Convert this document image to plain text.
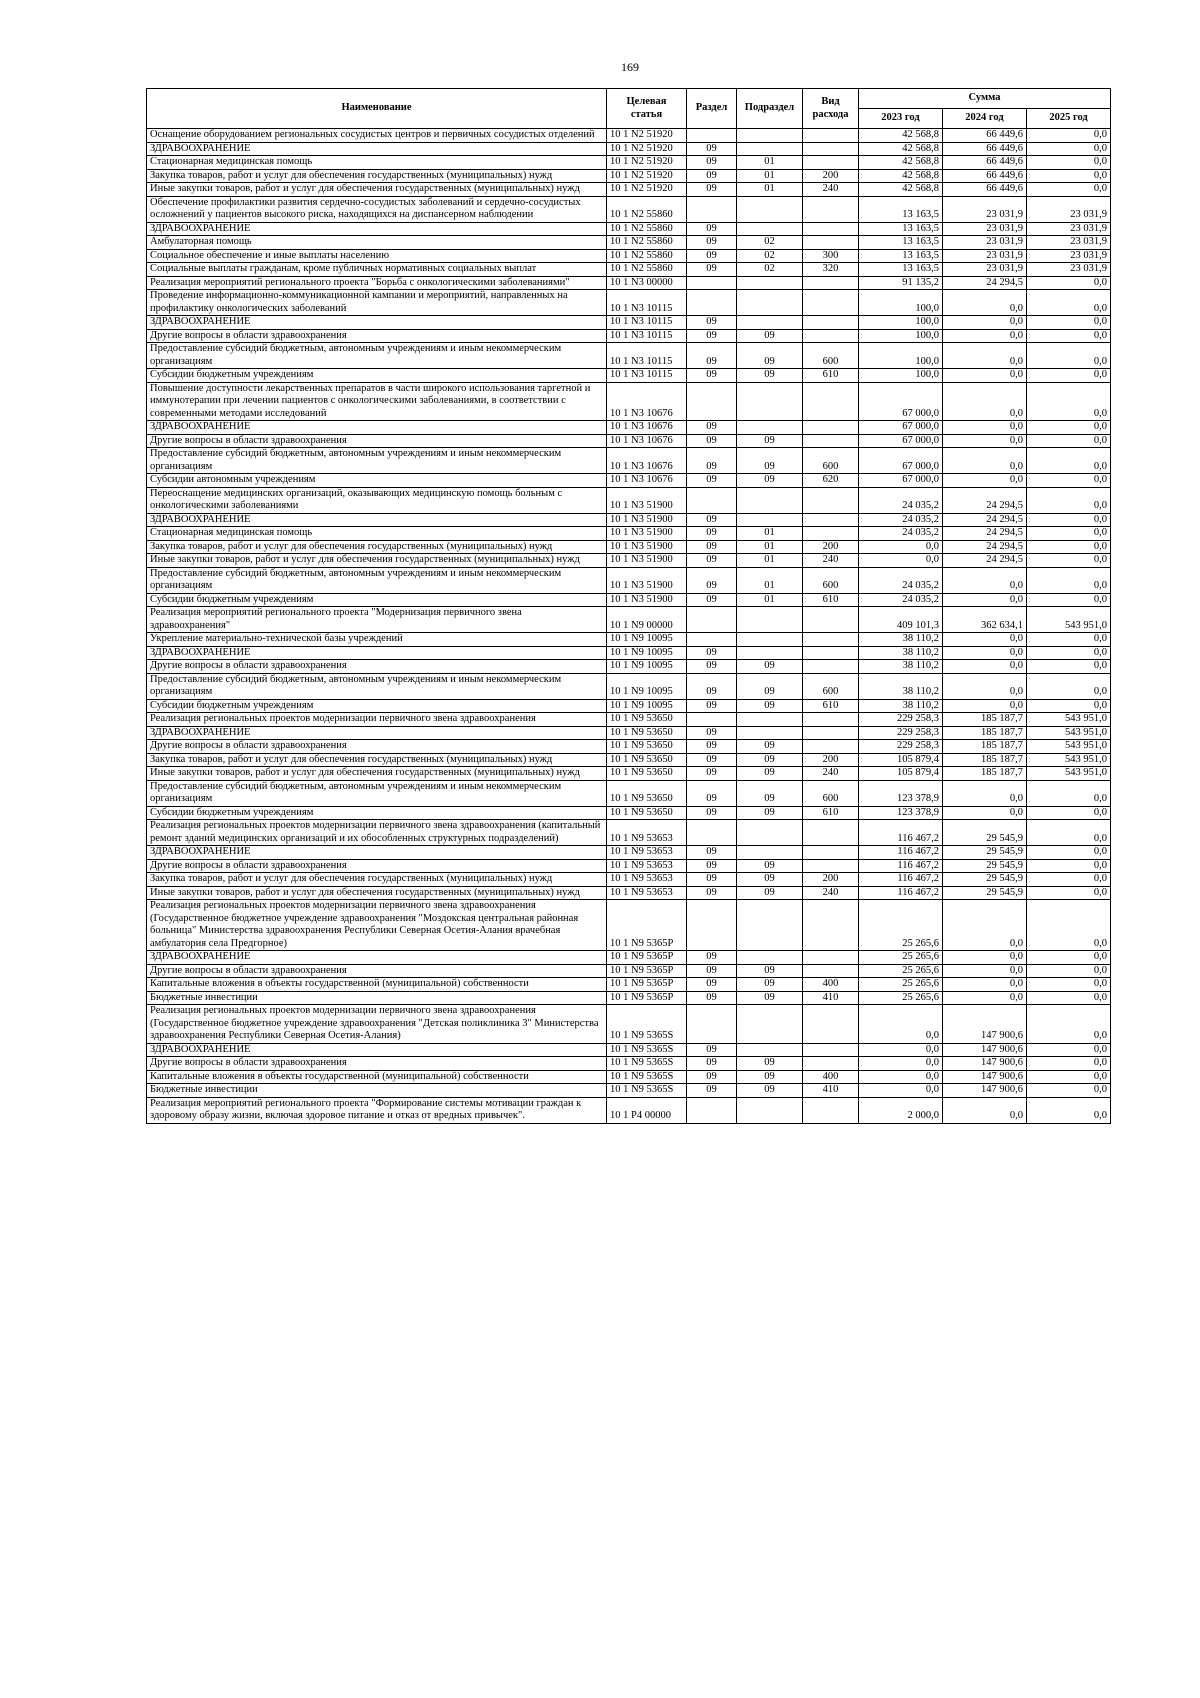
169
Наименование	Целевая статья	Раздел	Подраздел	Вид расхода	Сумма		
					2023 год	2024 год	2025 год
Оснащение оборудованием региональных сосудистых центров и первичных сосудистых отделений	10 1 N2 51920				42 568,8	66 449,6	0,0
ЗДРАВООХРАНЕНИЕ	10 1 N2 51920	09			42 568,8	66 449,6	0,0
Стационарная медицинская помощь	10 1 N2 51920	09	01		42 568,8	66 449,6	0,0
Закупка товаров, работ и услуг для обеспечения государственных (муниципальных) нужд	10 1 N2 51920	09	01	200	42 568,8	66 449,6	0,0
Иные закупки товаров, работ и услуг для обеспечения государственных (муниципальных) нужд	10 1 N2 51920	09	01	240	42 568,8	66 449,6	0,0
Обеспечение профилактики развития сердечно-сосудистых заболеваний и сердечно-сосудистых осложнений у пациентов высокого риска, находящихся на диспансерном наблюдении	10 1 N2 55860				13 163,5	23 031,9	23 031,9
ЗДРАВООХРАНЕНИЕ	10 1 N2 55860	09			13 163,5	23 031,9	23 031,9
Амбулаторная помощь	10 1 N2 55860	09	02		13 163,5	23 031,9	23 031,9
Социальное обеспечение и иные выплаты населению	10 1 N2 55860	09	02	300	13 163,5	23 031,9	23 031,9
Социальные выплаты гражданам, кроме публичных нормативных социальных выплат	10 1 N2 55860	09	02	320	13 163,5	23 031,9	23 031,9
Реализация мероприятий регионального проекта "Борьба с онкологическими заболеваниями"	10 1 N3 00000				91 135,2	24 294,5	0,0
Проведение информационно-коммуникационной кампании и мероприятий, направленных на профилактику онкологических заболеваний	10 1 N3 10115				100,0	0,0	0,0
ЗДРАВООХРАНЕНИЕ	10 1 N3 10115	09			100,0	0,0	0,0
Другие вопросы в области здравоохранения	10 1 N3 10115	09	09		100,0	0,0	0,0
Предоставление субсидий бюджетным, автономным учреждениям и иным некоммерческим организациям	10 1 N3 10115	09	09	600	100,0	0,0	0,0
Субсидии бюджетным учреждениям	10 1 N3 10115	09	09	610	100,0	0,0	0,0
Повышение доступности лекарственных препаратов в части широкого использования таргетной и иммунотерапии при лечении пациентов с онкологическими заболеваниями, в соответствии с современными методами исследований	10 1 N3 10676				67 000,0	0,0	0,0
ЗДРАВООХРАНЕНИЕ	10 1 N3 10676	09			67 000,0	0,0	0,0
Другие вопросы в области здравоохранения	10 1 N3 10676	09	09		67 000,0	0,0	0,0
Предоставление субсидий бюджетным, автономным учреждениям и иным некоммерческим организациям	10 1 N3 10676	09	09	600	67 000,0	0,0	0,0
Субсидии автономным учреждениям	10 1 N3 10676	09	09	620	67 000,0	0,0	0,0
Переоснащение медицинских организаций, оказывающих медицинскую помощь больным с онкологическими заболеваниями	10 1 N3 51900				24 035,2	24 294,5	0,0
ЗДРАВООХРАНЕНИЕ	10 1 N3 51900	09			24 035,2	24 294,5	0,0
Стационарная медицинская помощь	10 1 N3 51900	09	01		24 035,2	24 294,5	0,0
Закупка товаров, работ и услуг для обеспечения государственных (муниципальных) нужд	10 1 N3 51900	09	01	200	0,0	24 294,5	0,0
Иные закупки товаров, работ и услуг для обеспечения государственных (муниципальных) нужд	10 1 N3 51900	09	01	240	0,0	24 294,5	0,0
Предоставление субсидий бюджетным, автономным учреждениям и иным некоммерческим организациям	10 1 N3 51900	09	01	600	24 035,2	0,0	0,0
Субсидии бюджетным учреждениям	10 1 N3 51900	09	01	610	24 035,2	0,0	0,0
Реализация мероприятий регионального проекта "Модернизация первичного звена здравоохранения"	10 1 N9 00000				409 101,3	362 634,1	543 951,0
Укрепление материально-технической базы учреждений	10 1 N9 10095				38 110,2	0,0	0,0
ЗДРАВООХРАНЕНИЕ	10 1 N9 10095	09			38 110,2	0,0	0,0
Другие вопросы в области здравоохранения	10 1 N9 10095	09	09		38 110,2	0,0	0,0
Предоставление субсидий бюджетным, автономным учреждениям и иным некоммерческим организациям	10 1 N9 10095	09	09	600	38 110,2	0,0	0,0
Субсидии бюджетным учреждениям	10 1 N9 10095	09	09	610	38 110,2	0,0	0,0
Реализация региональных проектов модернизации первичного звена здравоохранения	10 1 N9 53650				229 258,3	185 187,7	543 951,0
ЗДРАВООХРАНЕНИЕ	10 1 N9 53650	09			229 258,3	185 187,7	543 951,0
Другие вопросы в области здравоохранения	10 1 N9 53650	09	09		229 258,3	185 187,7	543 951,0
Закупка товаров, работ и услуг для обеспечения государственных (муниципальных) нужд	10 1 N9 53650	09	09	200	105 879,4	185 187,7	543 951,0
Иные закупки товаров, работ и услуг для обеспечения государственных (муниципальных) нужд	10 1 N9 53650	09	09	240	105 879,4	185 187,7	543 951,0
Предоставление субсидий бюджетным, автономным учреждениям и иным некоммерческим организациям	10 1 N9 53650	09	09	600	123 378,9	0,0	0,0
Субсидии бюджетным учреждениям	10 1 N9 53650	09	09	610	123 378,9	0,0	0,0
Реализация региональных проектов модернизации первичного звена здравоохранения (капитальный ремонт зданий медицинских организаций и их обособленных структурных подразделений)	10 1 N9 53653				116 467,2	29 545,9	0,0
ЗДРАВООХРАНЕНИЕ	10 1 N9 53653	09			116 467,2	29 545,9	0,0
Другие вопросы в области здравоохранения	10 1 N9 53653	09	09		116 467,2	29 545,9	0,0
Закупка товаров, работ и услуг для обеспечения государственных (муниципальных) нужд	10 1 N9 53653	09	09	200	116 467,2	29 545,9	0,0
Иные закупки товаров, работ и услуг для обеспечения государственных (муниципальных) нужд	10 1 N9 53653	09	09	240	116 467,2	29 545,9	0,0
Реализация региональных проектов модернизации первичного звена здравоохранения (Государственное бюджетное учреждение здравоохранения "Моздокская центральная районная больница" Министерства здравоохранения Республики Северная Осетия-Алания врачебная амбулатория села Предгорное)	10 1 N9 5365P				25 265,6	0,0	0,0
ЗДРАВООХРАНЕНИЕ	10 1 N9 5365P	09			25 265,6	0,0	0,0
Другие вопросы в области здравоохранения	10 1 N9 5365P	09	09		25 265,6	0,0	0,0
Капитальные вложения в объекты государственной (муниципальной) собственности	10 1 N9 5365P	09	09	400	25 265,6	0,0	0,0
Бюджетные инвестиции	10 1 N9 5365P	09	09	410	25 265,6	0,0	0,0
Реализация региональных проектов модернизации первичного звена здравоохранения (Государственное бюджетное учреждение здравоохранения "Детская поликлиника 3" Министерства здравоохранения Республики Северная Осетия-Алания)	10 1 N9 5365S				0,0	147 900,6	0,0
ЗДРАВООХРАНЕНИЕ	10 1 N9 5365S	09			0,0	147 900,6	0,0
Другие вопросы в области здравоохранения	10 1 N9 5365S	09	09		0,0	147 900,6	0,0
Капитальные вложения в объекты государственной (муниципальной) собственности	10 1 N9 5365S	09	09	400	0,0	147 900,6	0,0
Бюджетные инвестиции	10 1 N9 5365S	09	09	410	0,0	147 900,6	0,0
Реализация мероприятий регионального проекта "Формирование системы мотивации граждан к здоровому образу жизни, включая здоровое питание и отказ от вредных привычек".	10 1 P4 00000				2 000,0	0,0	0,0
